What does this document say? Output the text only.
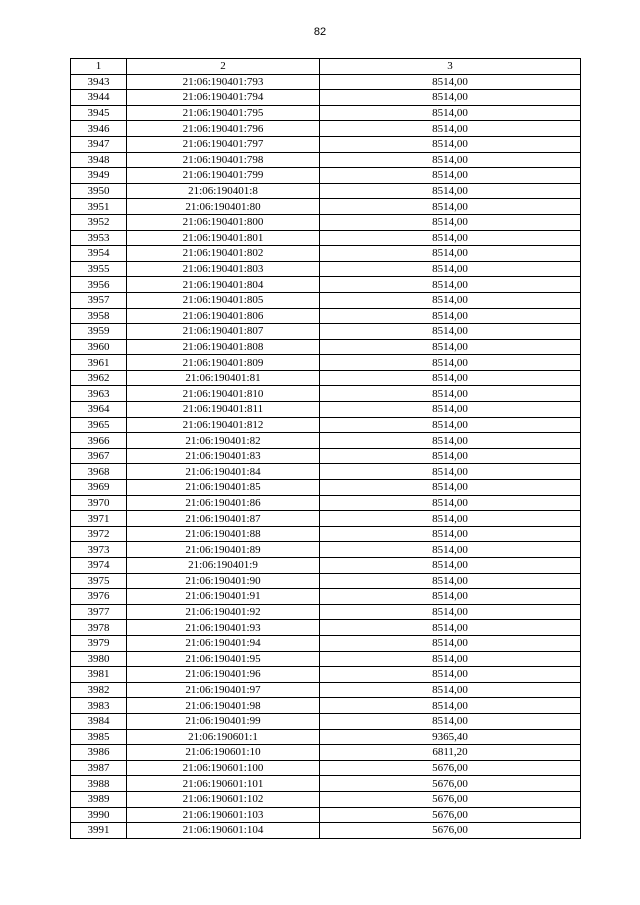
82
1	2	3
3943	21:06:190401:793	8514,00
3944	21:06:190401:794	8514,00
3945	21:06:190401:795	8514,00
3946	21:06:190401:796	8514,00
3947	21:06:190401:797	8514,00
3948	21:06:190401:798	8514,00
3949	21:06:190401:799	8514,00
3950	21:06:190401:8	8514,00
3951	21:06:190401:80	8514,00
3952	21:06:190401:800	8514,00
3953	21:06:190401:801	8514,00
3954	21:06:190401:802	8514,00
3955	21:06:190401:803	8514,00
3956	21:06:190401:804	8514,00
3957	21:06:190401:805	8514,00
3958	21:06:190401:806	8514,00
3959	21:06:190401:807	8514,00
3960	21:06:190401:808	8514,00
3961	21:06:190401:809	8514,00
3962	21:06:190401:81	8514,00
3963	21:06:190401:810	8514,00
3964	21:06:190401:811	8514,00
3965	21:06:190401:812	8514,00
3966	21:06:190401:82	8514,00
3967	21:06:190401:83	8514,00
3968	21:06:190401:84	8514,00
3969	21:06:190401:85	8514,00
3970	21:06:190401:86	8514,00
3971	21:06:190401:87	8514,00
3972	21:06:190401:88	8514,00
3973	21:06:190401:89	8514,00
3974	21:06:190401:9	8514,00
3975	21:06:190401:90	8514,00
3976	21:06:190401:91	8514,00
3977	21:06:190401:92	8514,00
3978	21:06:190401:93	8514,00
3979	21:06:190401:94	8514,00
3980	21:06:190401:95	8514,00
3981	21:06:190401:96	8514,00
3982	21:06:190401:97	8514,00
3983	21:06:190401:98	8514,00
3984	21:06:190401:99	8514,00
3985	21:06:190601:1	9365,40
3986	21:06:190601:10	6811,20
3987	21:06:190601:100	5676,00
3988	21:06:190601:101	5676,00
3989	21:06:190601:102	5676,00
3990	21:06:190601:103	5676,00
3991	21:06:190601:104	5676,00
